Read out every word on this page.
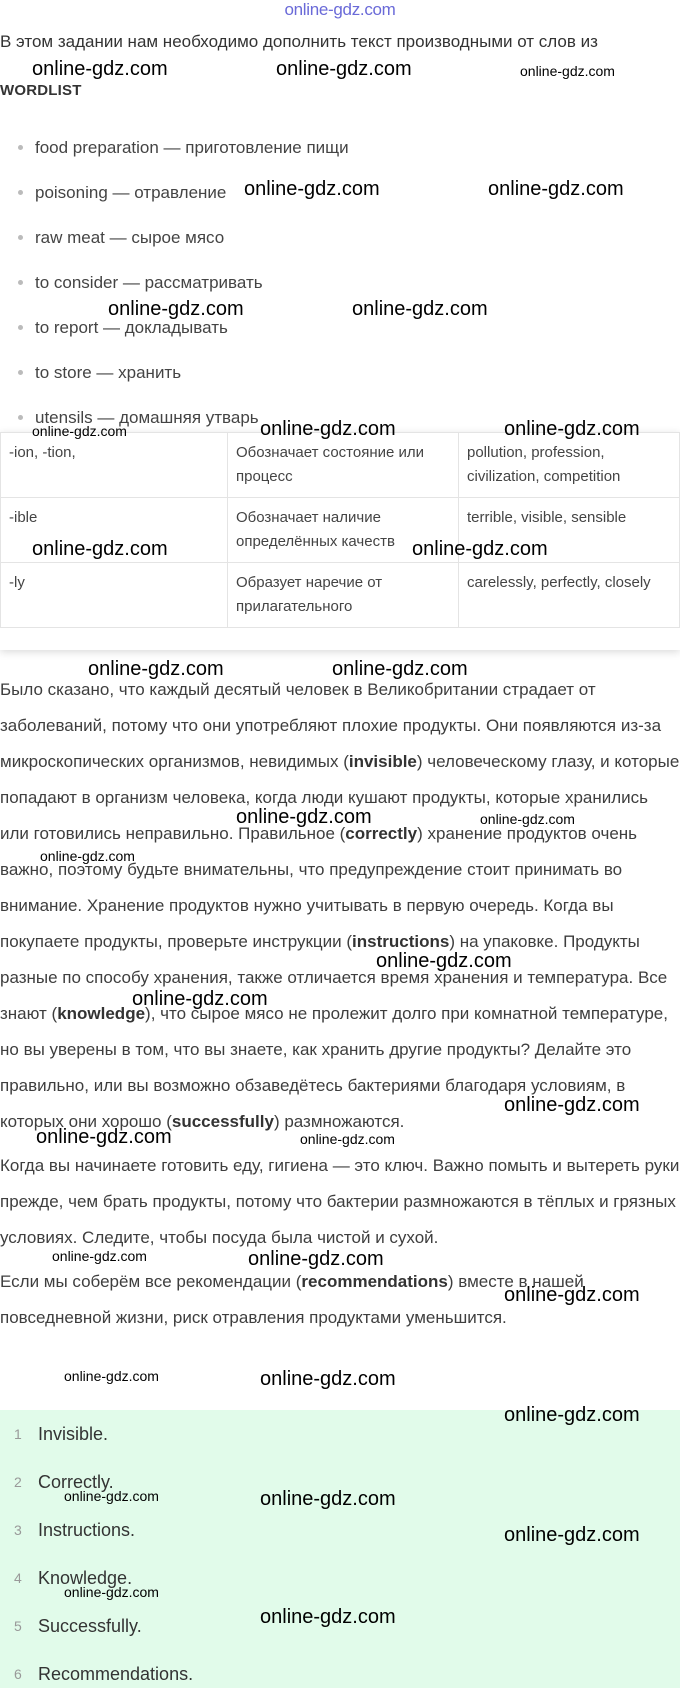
online-gdz.com
В этом задании нам необходимо дополнить текст производными от слов из
WORDLIST
food preparation — приготовление пищи
poisoning — отравление
raw meat — сырое мясо
to consider — рассматривать
to report — докладывать
to store — хранить
utensils — домашняя утварь
-ion, -tion,	Обозначает состояние или процесс	pollution, profession, civilization, competition
-ible	Обозначает наличие определённых качеств	terrible, visible, sensible
-ly	Образует наречие от прилагательного	carelessly, perfectly, closely

Было сказано, что каждый десятый человек в Великобритании страдает от заболеваний, потому что они употребляют плохие продукты. Они появляются из-за микроскопических организмов, невидимых (invisible) человеческому глазу, и которые попадают в организм человека, когда люди кушают продукты, которые хранились или готовились неправильно. Правильное (correctly) хранение продуктов очень важно, поэтому будьте внимательны, что предупреждение стоит принимать во внимание. Хранение продуктов нужно учитывать в первую очередь. Когда вы покупаете продукты, проверьте инструкции (instructions) на упаковке. Продукты разные по способу хранения, также отличается время хранения и температура. Все знают (knowledge), что сырое мясо не пролежит долго при комнатной температуре, но вы уверены в том, что вы знаете, как хранить другие продукты? Делайте это правильно, или вы возможно обзаведётесь бактериями благодаря условиям, в которых они хорошо (successfully) размножаются.

Когда вы начинаете готовить еду, гигиена — это ключ. Важно помыть и вытереть руки прежде, чем брать продукты, потому что бактерии размножаются в тёплых и грязных условиях. Следите, чтобы посуда была чистой и сухой.

Если мы соберём все рекомендации (recommendations) вместе в нашей повседневной жизни, риск отравления продуктами уменьшится.

1 Invisible.
2 Correctly.
3 Instructions.
4 Knowledge.
5 Successfully.
6 Recommendations.
online-gdz.com	online-gdz.com	online-gdz.com
online-gdz.com	online-gdz.com
online-gdz.com	online-gdz.com
online-gdz.com	online-gdz.com
online-gdz.com
online-gdz.com	online-gdz.com
online-gdz.com	online-gdz.com
online-gdz.com	online-gdz.com
online-gdz.com
online-gdz.com
online-gdz.com
online-gdz.com
online-gdz.com	online-gdz.com
online-gdz.com	online-gdz.com
online-gdz.com
online-gdz.com	online-gdz.com
online-gdz.com
online-gdz.com	online-gdz.com
online-gdz.com
online-gdz.com
online-gdz.com
